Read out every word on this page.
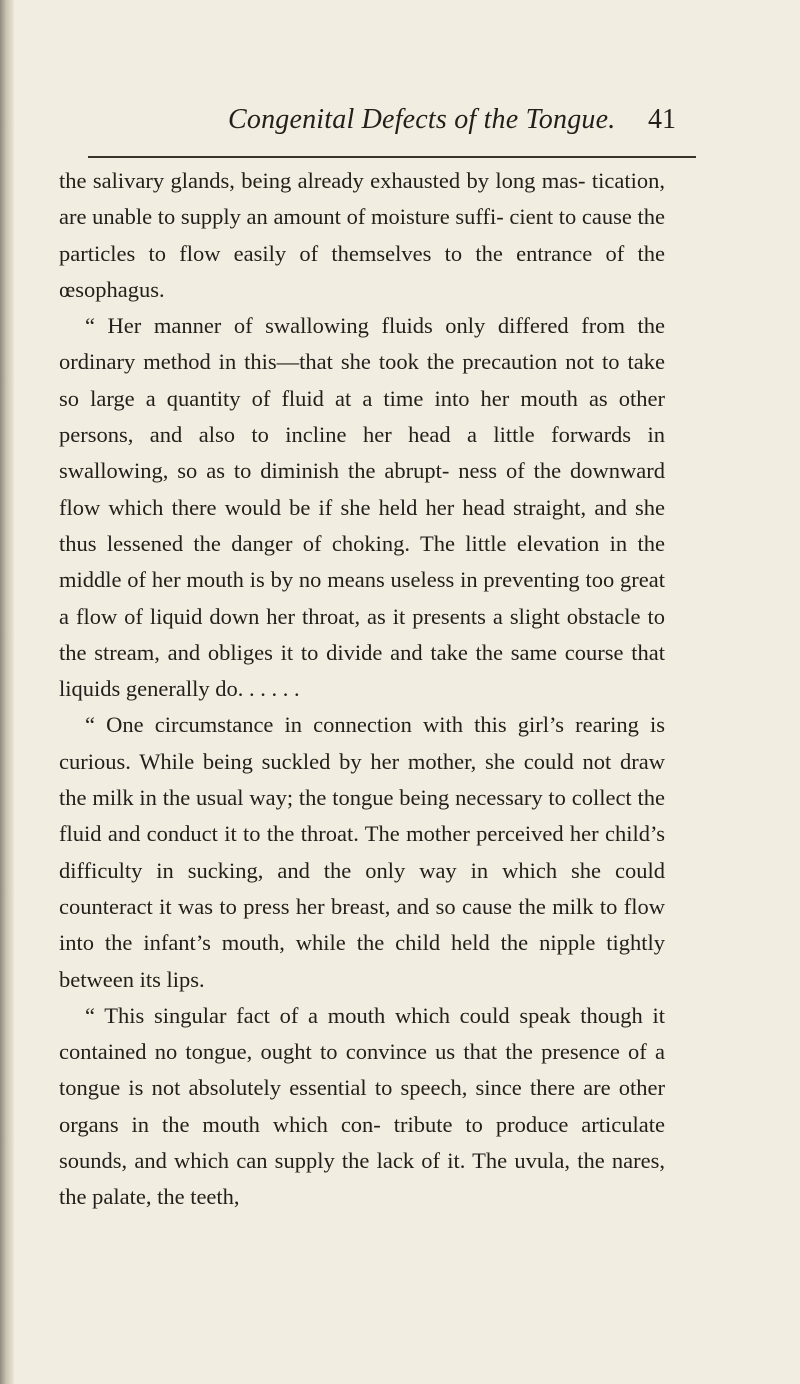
Congenital Defects of the Tongue. 41

the salivary glands, being already exhausted by long mas- tication, are unable to supply an amount of moisture suffi- cient to cause the particles to flow easily of themselves to the entrance of the œsophagus.

“ Her manner of swallowing fluids only differed from the ordinary method in this—that she took the precaution not to take so large a quantity of fluid at a time into her mouth as other persons, and also to incline her head a little forwards in swallowing, so as to diminish the abrupt- ness of the downward flow which there would be if she held her head straight, and she thus lessened the danger of choking. The little elevation in the middle of her mouth is by no means useless in preventing too great a flow of liquid down her throat, as it presents a slight obstacle to the stream, and obliges it to divide and take the same course that liquids generally do. . . . . .

“ One circumstance in connection with this girl’s rearing is curious. While being suckled by her mother, she could not draw the milk in the usual way; the tongue being necessary to collect the fluid and conduct it to the throat. The mother perceived her child’s difficulty in sucking, and the only way in which she could counteract it was to press her breast, and so cause the milk to flow into the infant’s mouth, while the child held the nipple tightly between its lips.

“ This singular fact of a mouth which could speak though it contained no tongue, ought to convince us that the presence of a tongue is not absolutely essential to speech, since there are other organs in the mouth which con- tribute to produce articulate sounds, and which can supply the lack of it. The uvula, the nares, the palate, the teeth,
